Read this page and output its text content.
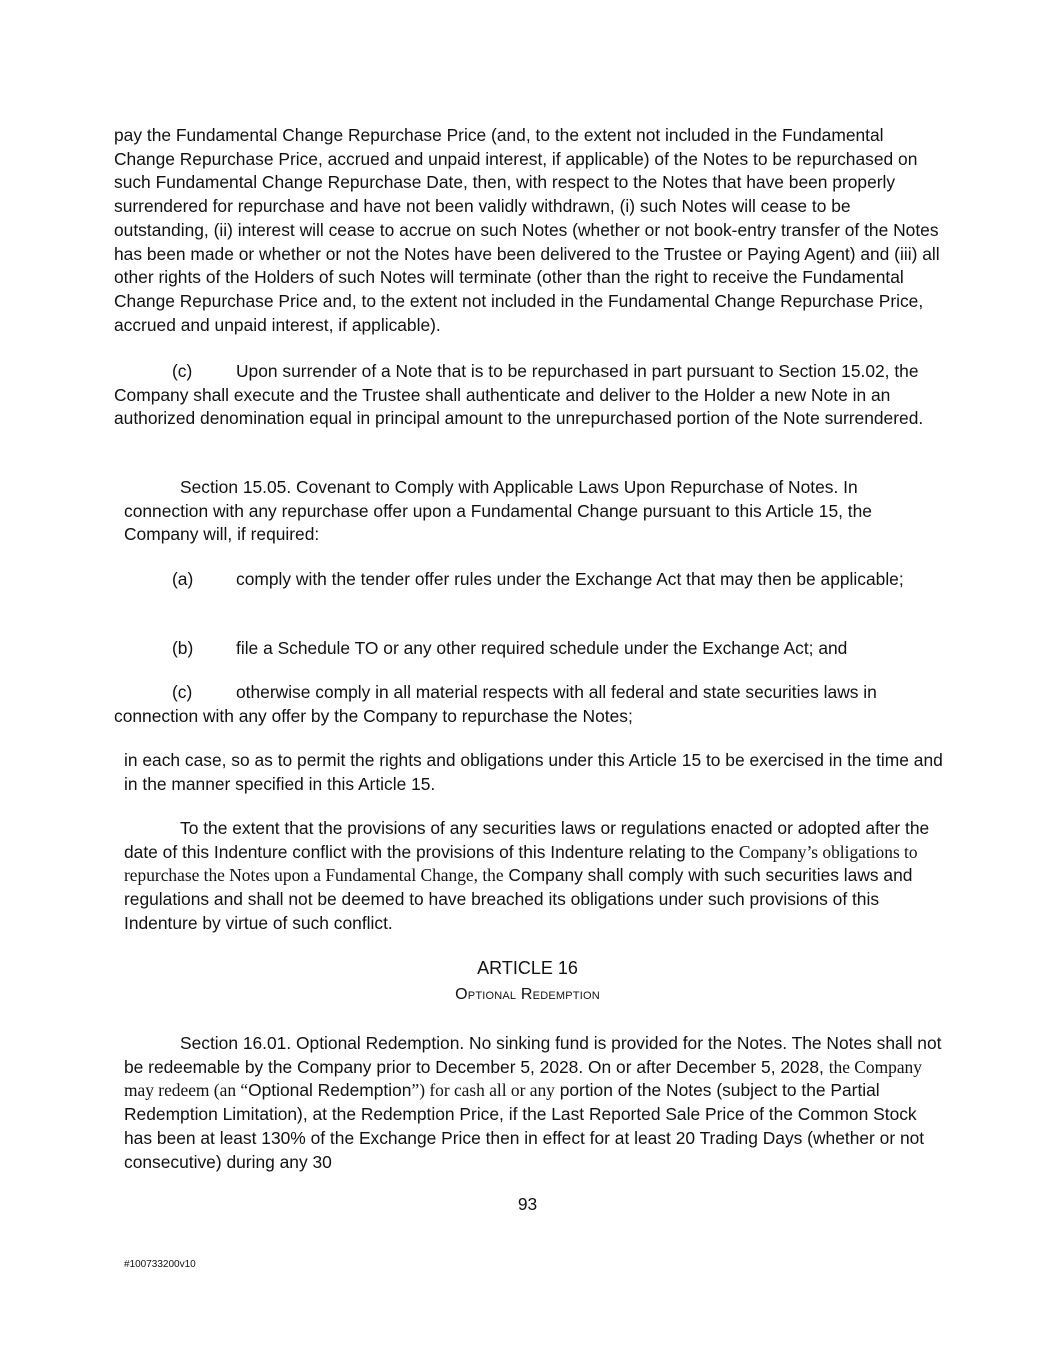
pay the Fundamental Change Repurchase Price (and, to the extent not included in the Fundamental Change Repurchase Price, accrued and unpaid interest, if applicable) of the Notes to be repurchased on such Fundamental Change Repurchase Date, then, with respect to the Notes that have been properly surrendered for repurchase and have not been validly withdrawn, (i) such Notes will cease to be outstanding, (ii) interest will cease to accrue on such Notes (whether or not book-entry transfer of the Notes has been made or whether or not the Notes have been delivered to the Trustee or Paying Agent) and (iii) all other rights of the Holders of such Notes will terminate (other than the right to receive the Fundamental Change Repurchase Price and, to the extent not included in the Fundamental Change Repurchase Price, accrued and unpaid interest, if applicable).

(c)	Upon surrender of a Note that is to be repurchased in part pursuant to Section 15.02, the Company shall execute and the Trustee shall authenticate and deliver to the Holder a new Note in an authorized denomination equal in principal amount to the unrepurchased portion of the Note surrendered.

Section 15.05. Covenant to Comply with Applicable Laws Upon Repurchase of Notes. In connection with any repurchase offer upon a Fundamental Change pursuant to this Article 15, the Company will, if required:

(a) comply with the tender offer rules under the Exchange Act that may then be applicable;

(b) file a Schedule TO or any other required schedule under the Exchange Act; and

(c)	otherwise comply in all material respects with all federal and state securities laws in connection with any offer by the Company to repurchase the Notes;

in each case, so as to permit the rights and obligations under this Article 15 to be exercised in the time and in the manner specified in this Article 15.

To the extent that the provisions of any securities laws or regulations enacted or adopted after the date of this Indenture conflict with the provisions of this Indenture relating to the Company’s obligations to repurchase the Notes upon a Fundamental Change, the Company shall comply with such securities laws and regulations and shall not be deemed to have breached its obligations under such provisions of this Indenture by virtue of such conflict.

ARTICLE 16
Optional Redemption

Section 16.01. Optional Redemption. No sinking fund is provided for the Notes. The Notes shall not be redeemable by the Company prior to December 5, 2028. On or after December 5, 2028, the Company may redeem (an “Optional Redemption”) for cash all or any portion of the Notes (subject to the Partial Redemption Limitation), at the Redemption Price, if the Last Reported Sale Price of the Common Stock has been at least 130% of the Exchange Price then in effect for at least 20 Trading Days (whether or not consecutive) during any 30

93

#100733200v10
